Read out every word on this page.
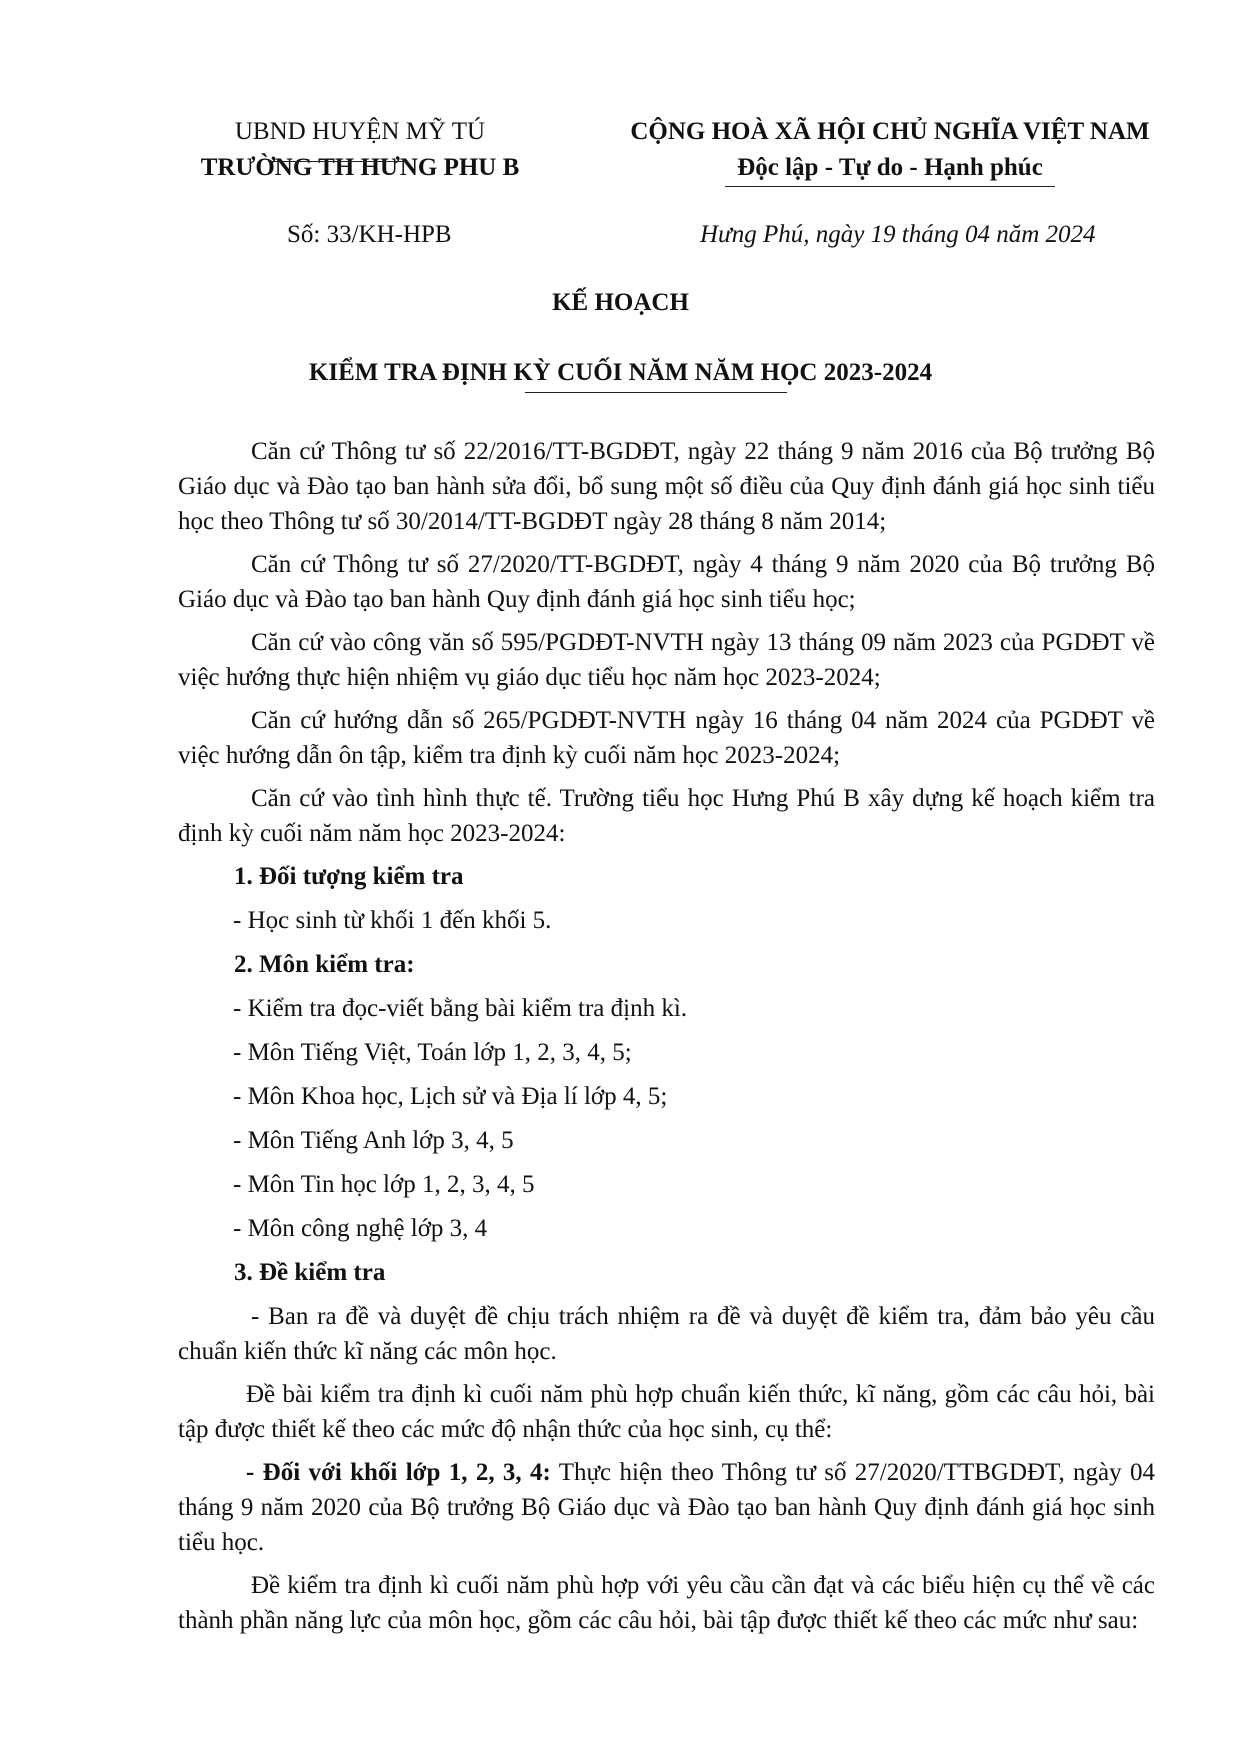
UBND HUYỆN MỸ TÚ
TRƯỜNG TH HƯNG PHU B
CỘNG HOÀ XÃ HỘI CHỦ NGHĨA VIỆT NAM
Độc lập - Tự do - Hạnh phúc
Số: 33/KH-HPB	Hưng Phú, ngày 19 tháng 04 năm 2024
KẾ HOẠCH
KIỂM TRA ĐỊNH KỲ CUỐI NĂM NĂM HỌC 2023-2024

Căn cứ Thông tư số 22/2016/TT-BGDĐT, ngày 22 tháng 9 năm 2016 của Bộ trưởng Bộ Giáo dục và Đào tạo ban hành sửa đổi, bổ sung một số điều của Quy định đánh giá học sinh tiểu học theo Thông tư số 30/2014/TT-BGDĐT ngày 28 tháng 8 năm 2014;

Căn cứ Thông tư số 27/2020/TT-BGDĐT, ngày 4 tháng 9 năm 2020 của Bộ trưởng Bộ Giáo dục và Đào tạo ban hành Quy định đánh giá học sinh tiểu học;

Căn cứ vào công văn số 595/PGDĐT-NVTH ngày 13 tháng 09 năm 2023 của PGDĐT về việc hướng thực hiện nhiệm vụ giáo dục tiểu học năm học 2023-2024;

Căn cứ hướng dẫn số 265/PGDĐT-NVTH ngày 16 tháng 04 năm 2024 của PGDĐT về việc hướng dẫn ôn tập, kiểm tra định kỳ cuối năm học 2023-2024;

Căn cứ vào tình hình thực tế. Trường tiểu học Hưng Phú B xây dựng kế hoạch kiểm tra định kỳ cuối năm năm học 2023-2024:

1. Đối tượng kiểm tra

- Học sinh từ khối 1 đến khối 5.

2. Môn kiểm tra:

- Kiểm tra đọc-viết bằng bài kiểm tra định kì.

- Môn Tiếng Việt, Toán lớp 1, 2, 3, 4, 5;

- Môn Khoa học, Lịch sử và Địa lí lớp 4, 5;

- Môn Tiếng Anh lớp 3, 4, 5

- Môn Tin học lớp 1, 2, 3, 4, 5

- Môn công nghệ lớp 3, 4

3. Đề kiểm tra

- Ban ra đề và duyệt đề chịu trách nhiệm ra đề và duyệt đề kiểm tra, đảm bảo yêu cầu chuẩn kiến thức kĩ năng các môn học.

Đề bài kiểm tra định kì cuối năm phù hợp chuẩn kiến thức, kĩ năng, gồm các câu hỏi, bài tập được thiết kế theo các mức độ nhận thức của học sinh, cụ thể:

- Đối với khối lớp 1, 2, 3, 4: Thực hiện theo Thông tư số 27/2020/TTBGDĐT, ngày 04 tháng 9 năm 2020 của Bộ trưởng Bộ Giáo dục và Đào tạo ban hành Quy định đánh giá học sinh tiểu học.

Đề kiểm tra định kì cuối năm phù hợp với yêu cầu cần đạt và các biểu hiện cụ thể về các thành phần năng lực của môn học, gồm các câu hỏi, bài tập được thiết kế theo các mức như sau:
